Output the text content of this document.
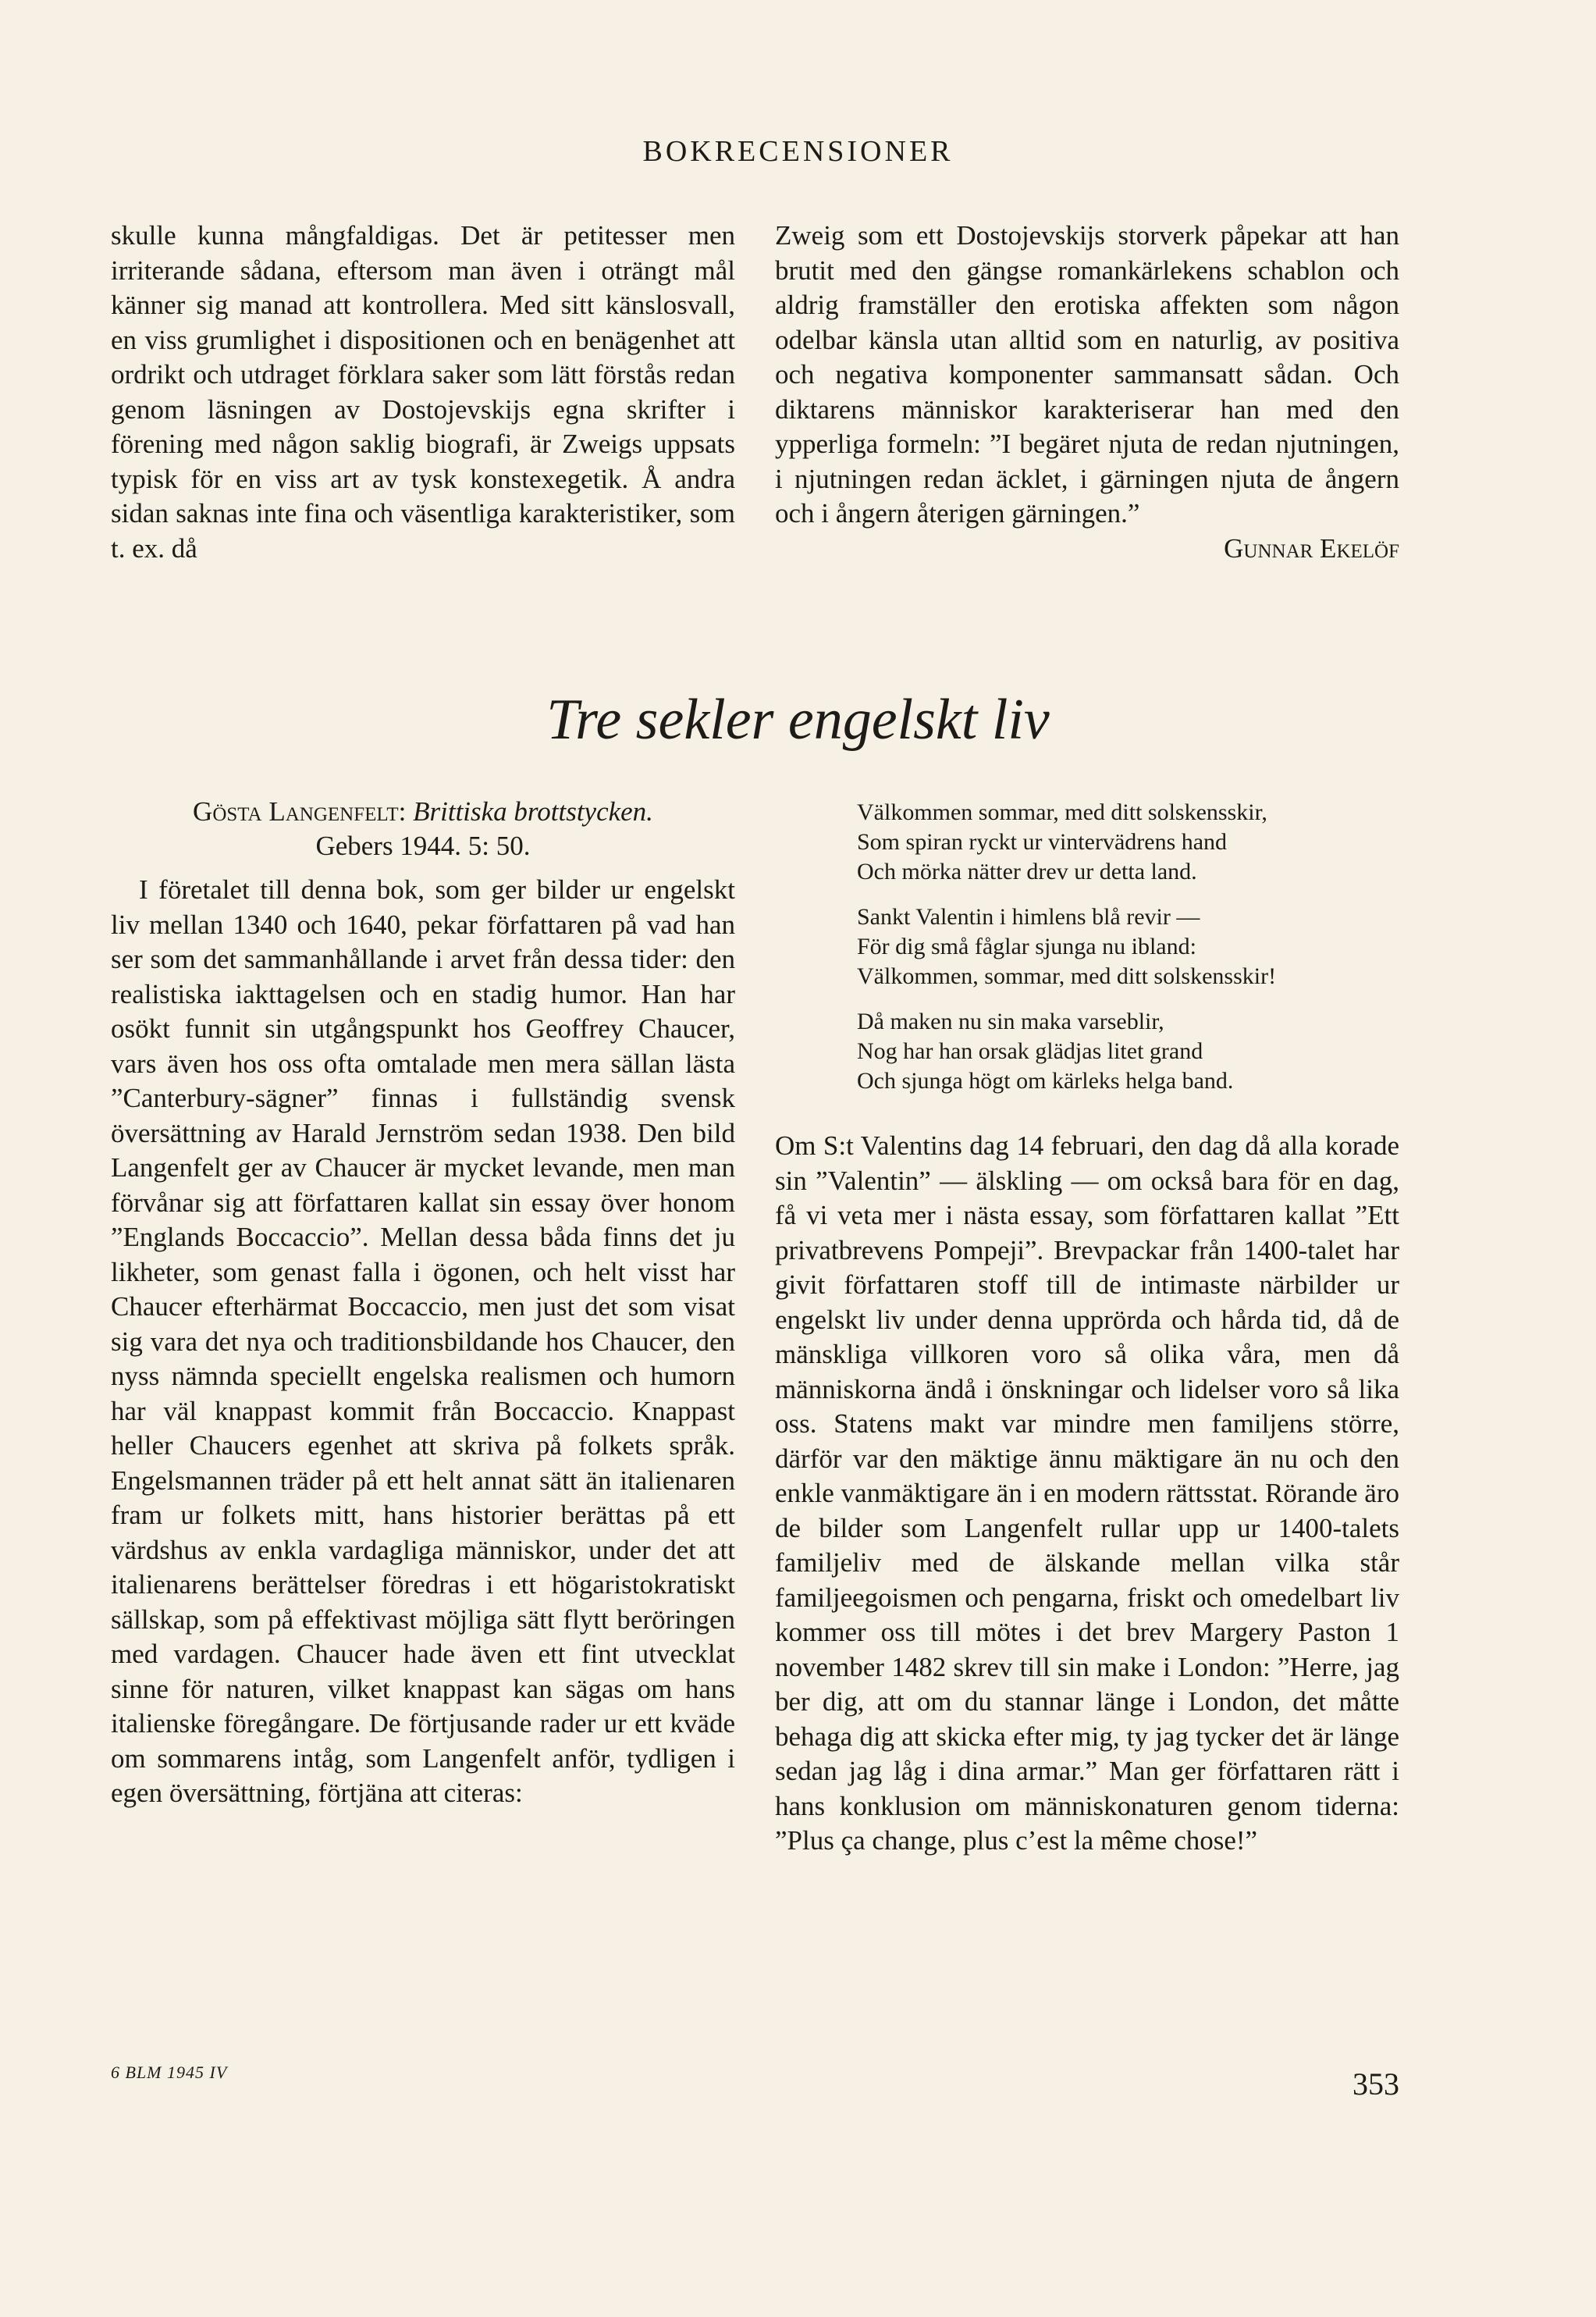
BOKRECENSIONER

skulle kunna mångfaldigas. Det är petitesser men irriterande sådana, eftersom man även i oträngt mål känner sig manad att kontrollera. Med sitt känslosvall, en viss grumlighet i dispositionen och en benägenhet att ordrikt och utdraget förklara saker som lätt förstås redan genom läsningen av Dostojevskijs egna skrifter i förening med någon saklig biografi, är Zweigs uppsats typisk för en viss art av tysk konstexegetik. Å andra sidan saknas inte fina och väsentliga karakteristiker, som t. ex. då

Zweig som ett Dostojevskijs storverk påpekar att han brutit med den gängse romankärlekens schablon och aldrig framställer den erotiska affekten som någon odelbar känsla utan alltid som en naturlig, av positiva och negativa komponenter sammansatt sådan. Och diktarens människor karakteriserar han med den ypperliga formeln: ”I begäret njuta de redan njutningen, i njutningen redan äcklet, i gärningen njuta de ångern och i ångern återigen gärningen.”

Gunnar Ekelöf
Tre sekler engelskt liv
Gösta Langenfelt: Brittiska brottstycken.
Gebers 1944. 5: 50.

I företalet till denna bok, som ger bilder ur engelskt liv mellan 1340 och 1640, pekar författaren på vad han ser som det sammanhållande i arvet från dessa tider: den realistiska iakttagelsen och en stadig humor. Han har osökt funnit sin utgångspunkt hos Geoffrey Chaucer, vars även hos oss ofta omtalade men mera sällan lästa ”Canterbury-sägner” finnas i fullständig svensk översättning av Harald Jernström sedan 1938. Den bild Langenfelt ger av Chaucer är mycket levande, men man förvånar sig att författaren kallat sin essay över honom ”Englands Boccaccio”. Mellan dessa båda finns det ju likheter, som genast falla i ögonen, och helt visst har Chaucer efterhärmat Boccaccio, men just det som visat sig vara det nya och traditionsbildande hos Chaucer, den nyss nämnda speciellt engelska realismen och humorn har väl knappast kommit från Boccaccio. Knappast heller Chaucers egenhet att skriva på folkets språk. Engelsmannen träder på ett helt annat sätt än italienaren fram ur folkets mitt, hans historier berättas på ett värdshus av enkla vardagliga människor, under det att italienarens berättelser föredras i ett högaristokratiskt sällskap, som på effektivast möjliga sätt flytt beröringen med vardagen. Chaucer hade även ett fint utvecklat sinne för naturen, vilket knappast kan sägas om hans italienske föregångare. De förtjusande rader ur ett kväde om sommarens intåg, som Langenfelt anför, tydligen i egen översättning, förtjäna att citeras:

Välkommen sommar, med ditt solskensskir,
Som spiran ryckt ur vintervädrens hand
Och mörka nätter drev ur detta land.
Sankt Valentin i himlens blå revir —
För dig små fåglar sjunga nu ibland:
Välkommen, sommar, med ditt solskensskir!
Då maken nu sin maka varseblir,
Nog har han orsak glädjas litet grand
Och sjunga högt om kärleks helga band.

Om S:t Valentins dag 14 februari, den dag då alla korade sin ”Valentin” — älskling — om också bara för en dag, få vi veta mer i nästa essay, som författaren kallat ”Ett privatbrevens Pompeji”. Brevpackar från 1400-talet har givit författaren stoff till de intimaste närbilder ur engelskt liv under denna upprörda och hårda tid, då de mänskliga villkoren voro så olika våra, men då människorna ändå i önskningar och lidelser voro så lika oss. Statens makt var mindre men familjens större, därför var den mäktige ännu mäktigare än nu och den enkle vanmäktigare än i en modern rättsstat. Rörande äro de bilder som Langenfelt rullar upp ur 1400-talets familjeliv med de älskande mellan vilka står familjeegoismen och pengarna, friskt och omedelbart liv kommer oss till mötes i det brev Margery Paston 1 november 1482 skrev till sin make i London: ”Herre, jag ber dig, att om du stannar länge i London, det måtte behaga dig att skicka efter mig, ty jag tycker det är länge sedan jag låg i dina armar.” Man ger författaren rätt i hans konklusion om människonaturen genom tiderna: ”Plus ça change, plus c’est la même chose!”

6 BLM 1945 IV	353
